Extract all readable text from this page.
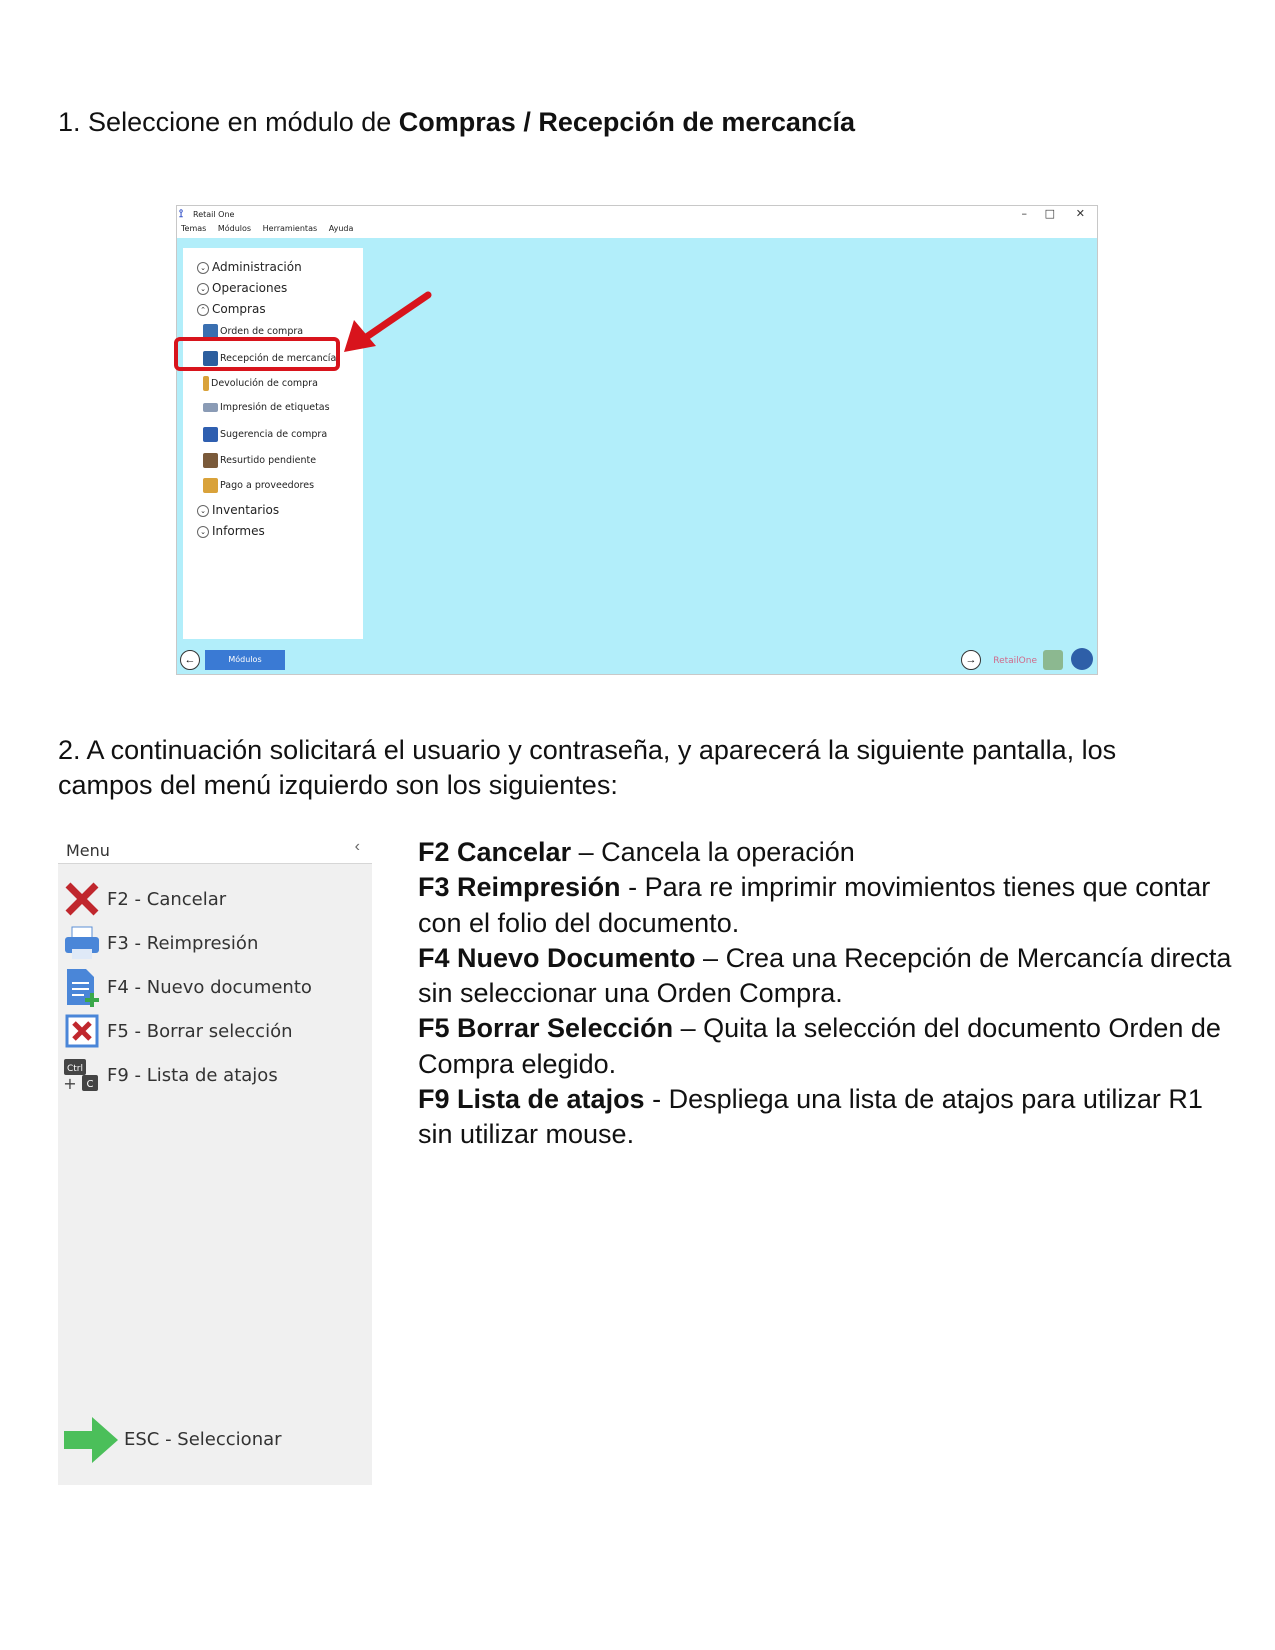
1. Seleccione en módulo de Compras / Recepción de mercancía
⟟ Retail One	– □ ✕
Temas Módulos Herramientas Ayuda
⌄ Administración
⌄ Operaciones
⌃ Compras
Orden de compra
Recepción de mercancía
Devolución de compra
Impresión de etiquetas
Sugerencia de compra
Resurtido pendiente
Pago a proveedores
⌄ Inventarios
⌄ Informes
←	Módulos	→	RetailOne
2. A continuación solicitará el usuario y contraseña, y aparecerá la siguiente pantalla, los campos del menú izquierdo son los siguientes:
Menu	‹
F2 - Cancelar
F3 - Reimpresión
F4 - Nuevo documento
F5 - Borrar selección
Ctrl
+ C F9 - Lista de atajos
ESC - Seleccionar

F2 Cancelar – Cancela la operación

F3 Reimpresión - Para re imprimir movimientos tienes que contar con el folio del documento.

F4 Nuevo Documento – Crea una Recepción de Mercancía directa sin seleccionar una Orden Compra.

F5 Borrar Selección – Quita la selección del documento Orden de Compra elegido.

F9 Lista de atajos - Despliega una lista de atajos para utilizar R1 sin utilizar mouse.
